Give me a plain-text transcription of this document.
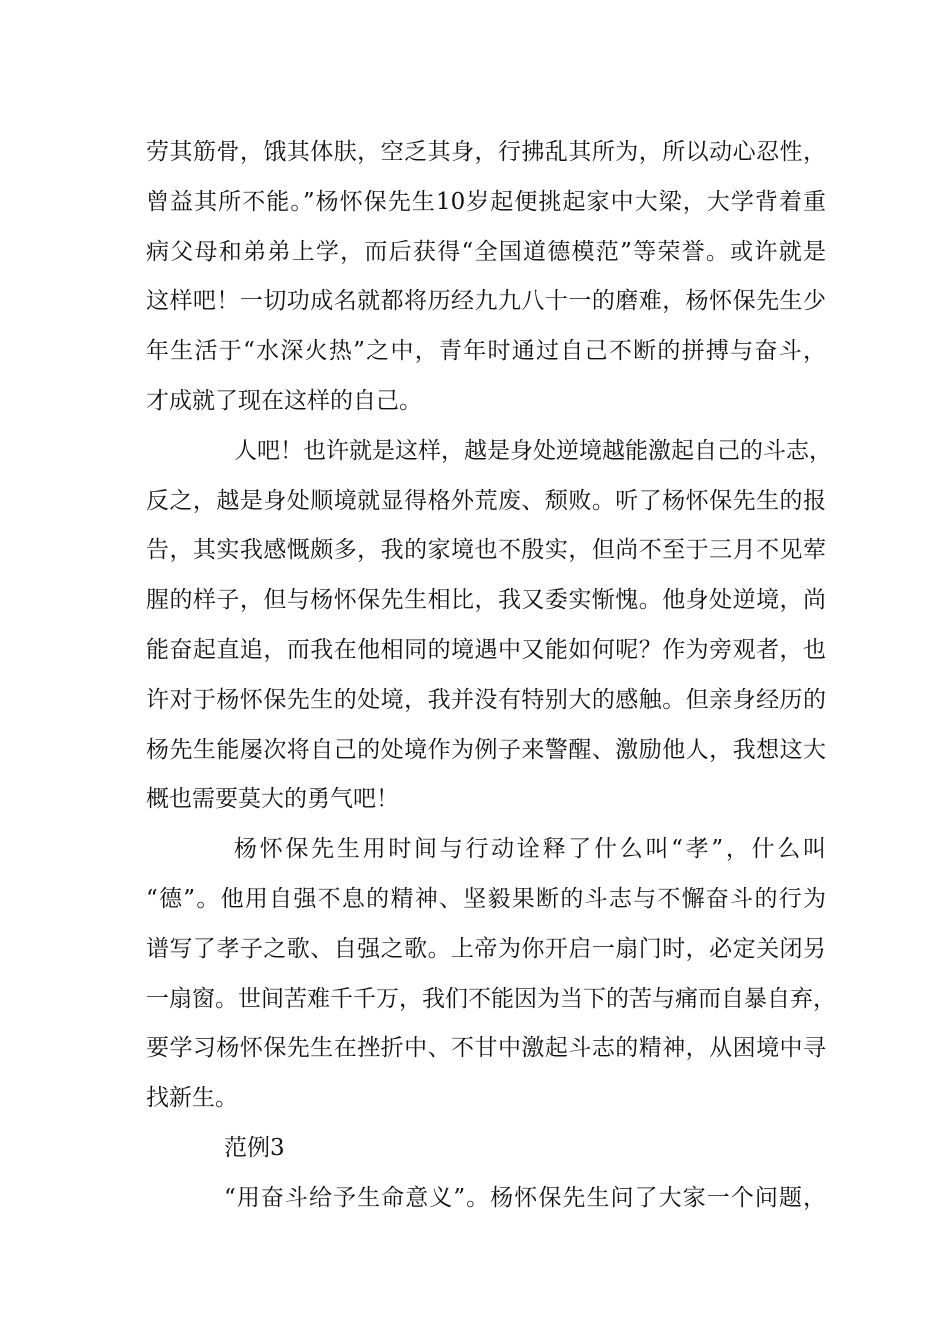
劳其筋骨，饿其体肤，空乏其身，行拂乱其所为，所以动心忍性，
曾益其所不能。”杨怀保先生10岁起便挑起家中大梁，大学背着重
病父母和弟弟上学，而后获得“全国道德模范”等荣誉。或许就是
这样吧！一切功成名就都将历经九九八十一的磨难，杨怀保先生少
年生活于“水深火热”之中，青年时通过自己不断的拼搏与奋斗，
才成就了现在这样的自己。
人吧！也许就是这样，越是身处逆境越能激起自己的斗志，
反之，越是身处顺境就显得格外荒废、颓败。听了杨怀保先生的报
告，其实我感慨颇多，我的家境也不殷实，但尚不至于三月不见荤
腥的样子，但与杨怀保先生相比，我又委实惭愧。他身处逆境，尚
能奋起直追，而我在他相同的境遇中又能如何呢？作为旁观者，也
许对于杨怀保先生的处境，我并没有特别大的感触。但亲身经历的
杨先生能屡次将自己的处境作为例子来警醒、激励他人，我想这大
概也需要莫大的勇气吧！
杨怀保先生用时间与行动诠释了什么叫“孝”，什么叫
“德”。他用自强不息的精神、坚毅果断的斗志与不懈奋斗的行为
谱写了孝子之歌、自强之歌。上帝为你开启一扇门时，必定关闭另
一扇窗。世间苦难千千万，我们不能因为当下的苦与痛而自暴自弃，
要学习杨怀保先生在挫折中、不甘中激起斗志的精神，从困境中寻
找新生。
范例3
“用奋斗给予生命意义”。杨怀保先生问了大家一个问题，
